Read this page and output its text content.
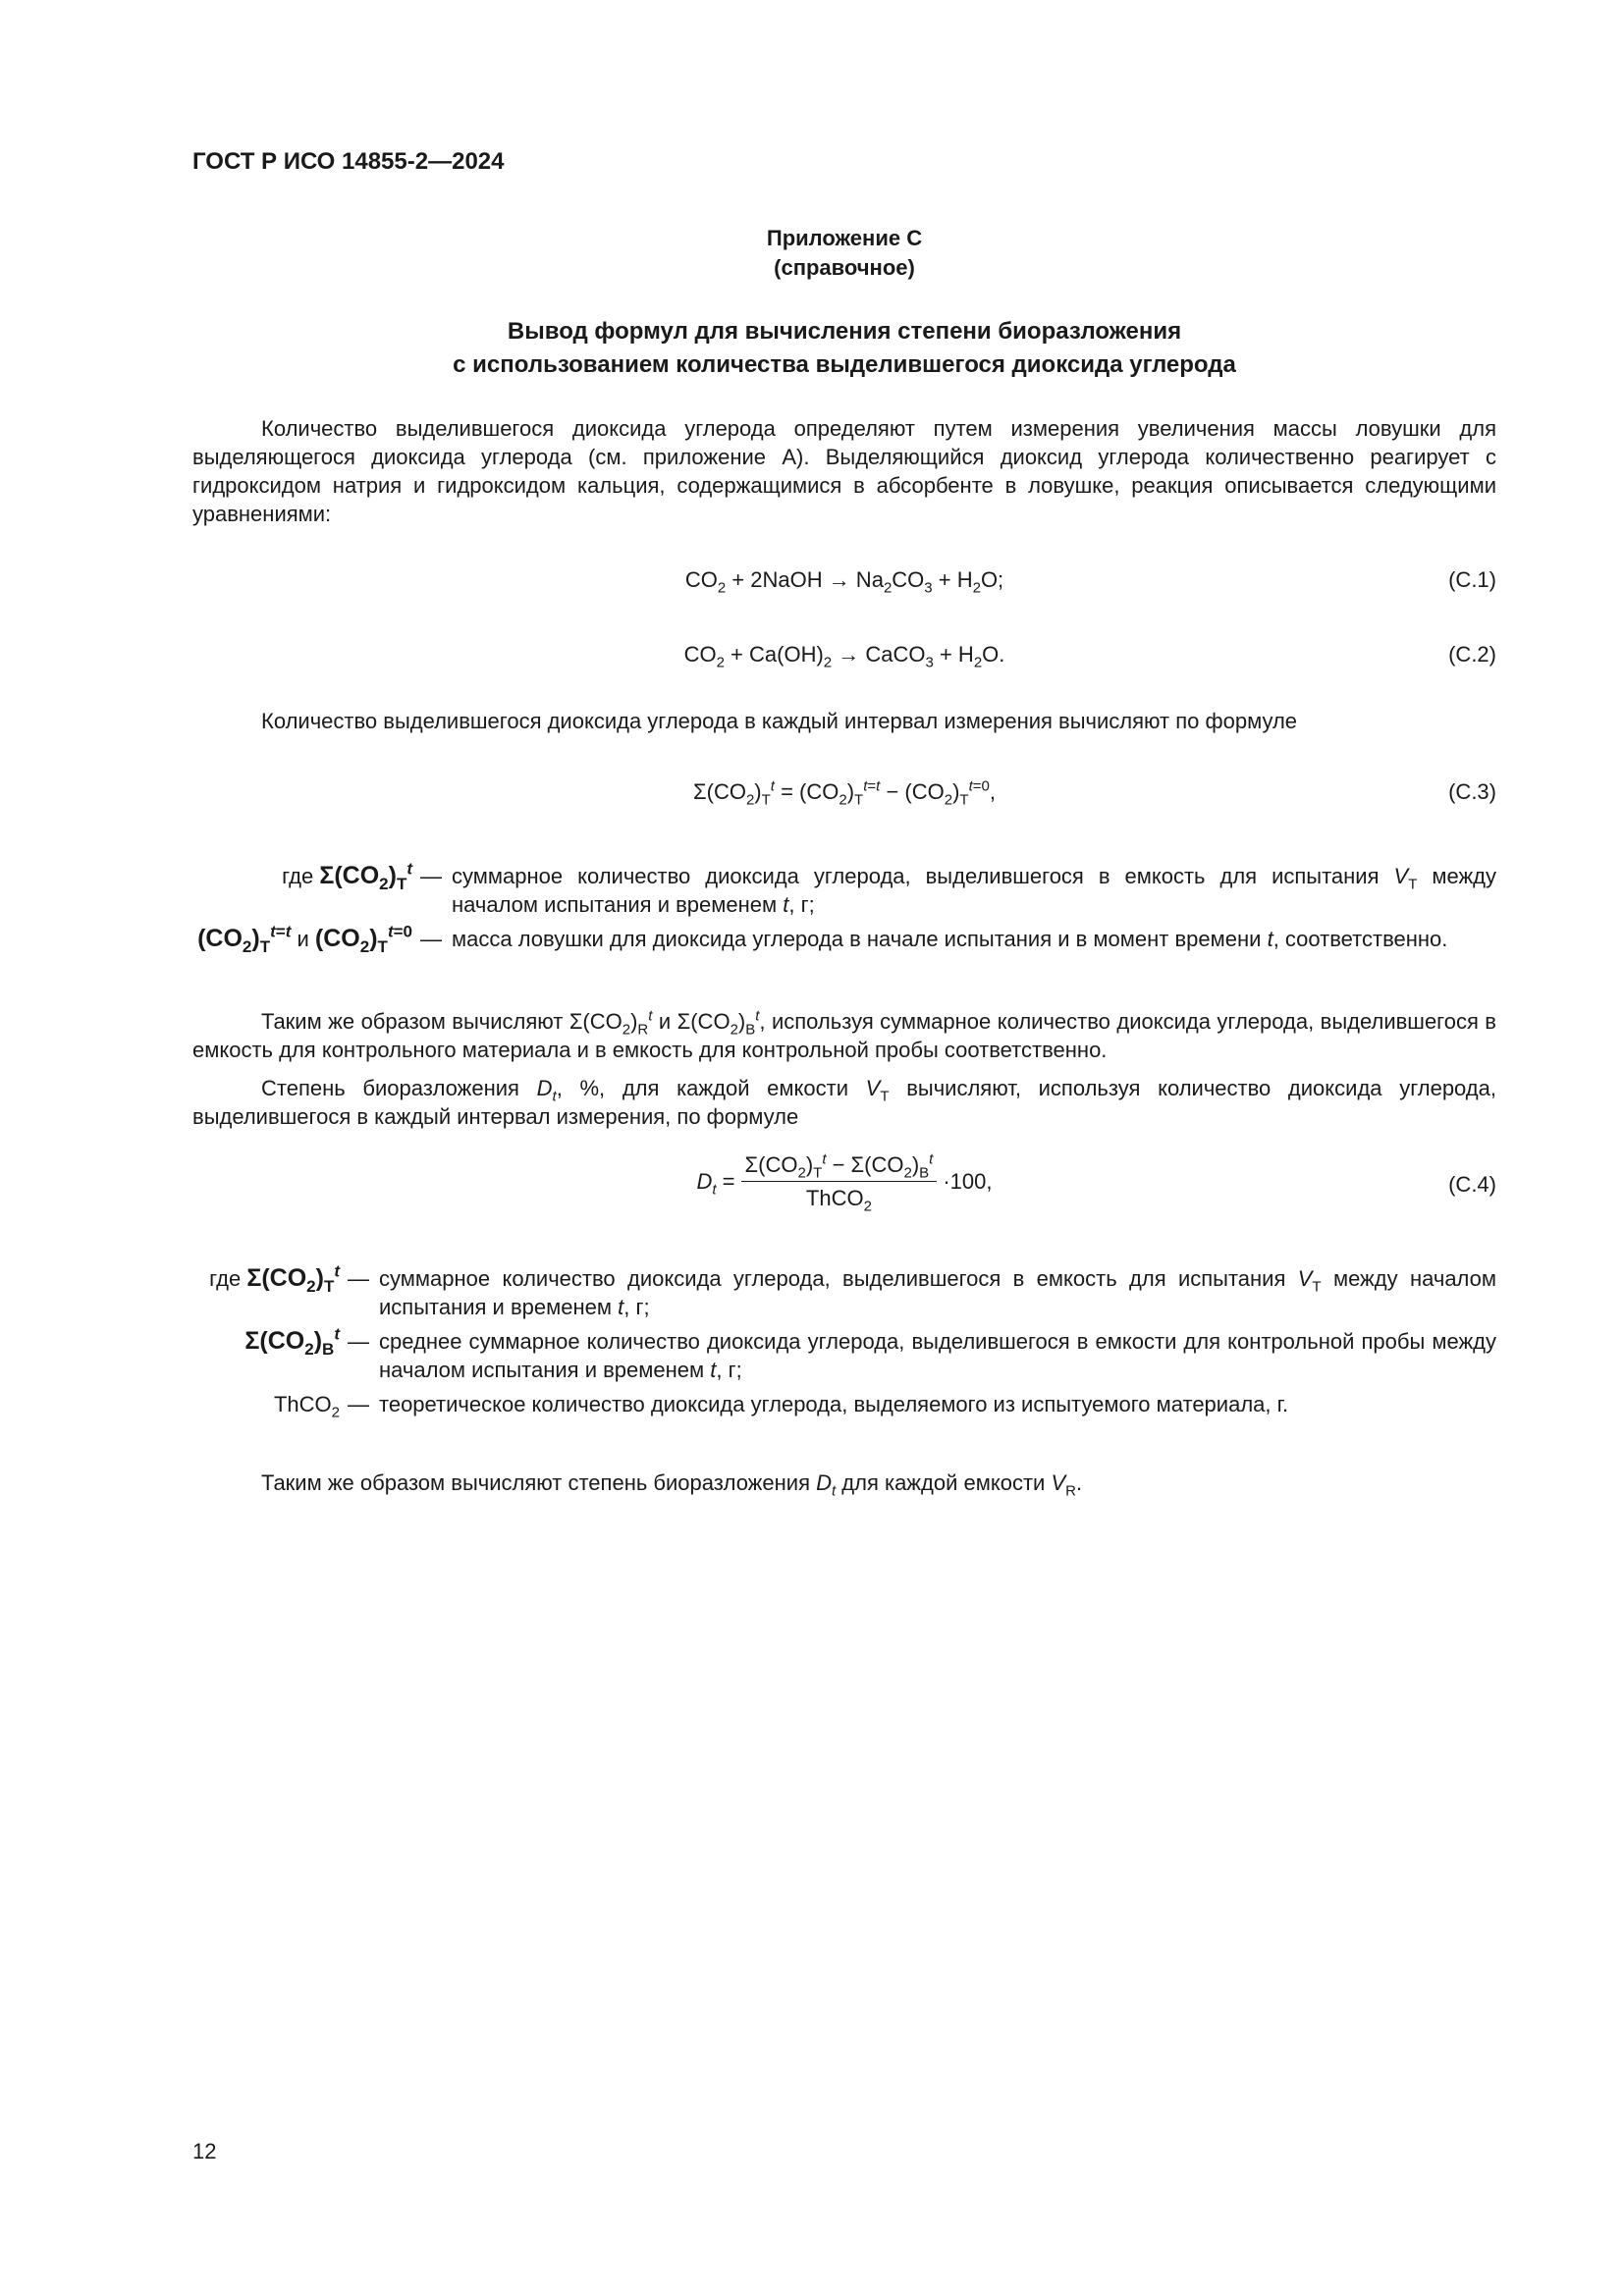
ГОСТ Р ИСО 14855-2—2024
Приложение С
(справочное)
Вывод формул для вычисления степени биоразложения
с использованием количества выделившегося диоксида углерода
Количество выделившегося диоксида углерода определяют путем измерения увеличения массы ловушки для выделяющегося диоксида углерода (см. приложение А). Выделяющийся диоксид углерода количественно реагирует с гидроксидом натрия и гидроксидом кальция, содержащимися в абсорбенте в ловушке, реакция описывается следующими уравнениями:
$CO_2$ + 2NaOH → $Na_2CO_3 + H_2O$;	(С.1)
$CO_2 + Ca(OH)_2$ → CaCO$_3$ + $H_2O$.	(С.2)
Количество выделившегося диоксида углерода в каждый интервал измерения вычисляют по формуле
$\Sigma(CO_2)_T^t = (CO_2)_T^{t=t} - (CO_2)_T^{t=0}$,	(С.3)
где $\Sigma(CO_2)_T^t$ — суммарное количество диоксида углерода, выделившегося в емкость для испытания $V_T$ между началом испытания и временем t, г;
$(CO_2)_T^{t=t}$ и $(CO_2)_T^{t=0}$ — масса ловушки для диоксида углерода в начале испытания и в момент времени t, соответственно.
Таким же образом вычисляют $\Sigma(CO_2)_R^t$ и $\Sigma(CO_2)_B^t$, используя суммарное количество диоксида углерода, выделившегося в емкость для контрольного материала и в емкость для контрольной пробы соответственно.
Степень биоразложения $D_t$, %, для каждой емкости $V_T$ вычисляют, используя количество диоксида углерода, выделившегося в каждый интервал измерения, по формуле
$D_t = \frac{\Sigma(CO_2)_T^t - \Sigma(CO_2)_B^t}{ThCO_2} \cdot 100$,	(С.4)
где $\Sigma(CO_2)_T^t$ — суммарное количество диоксида углерода, выделившегося в емкость для испытания $V_T$ между началом испытания и временем t, г;
$\Sigma(CO_2)_B^t$ — среднее суммарное количество диоксида углерода, выделившегося в емкости для контрольной пробы между началом испытания и временем t, г;
ThCO$_2$ — теоретическое количество диоксида углерода, выделяемого из испытуемого материала, г.
Таким же образом вычисляют степень биоразложения $D_t$ для каждой емкости $V_R$.
12
